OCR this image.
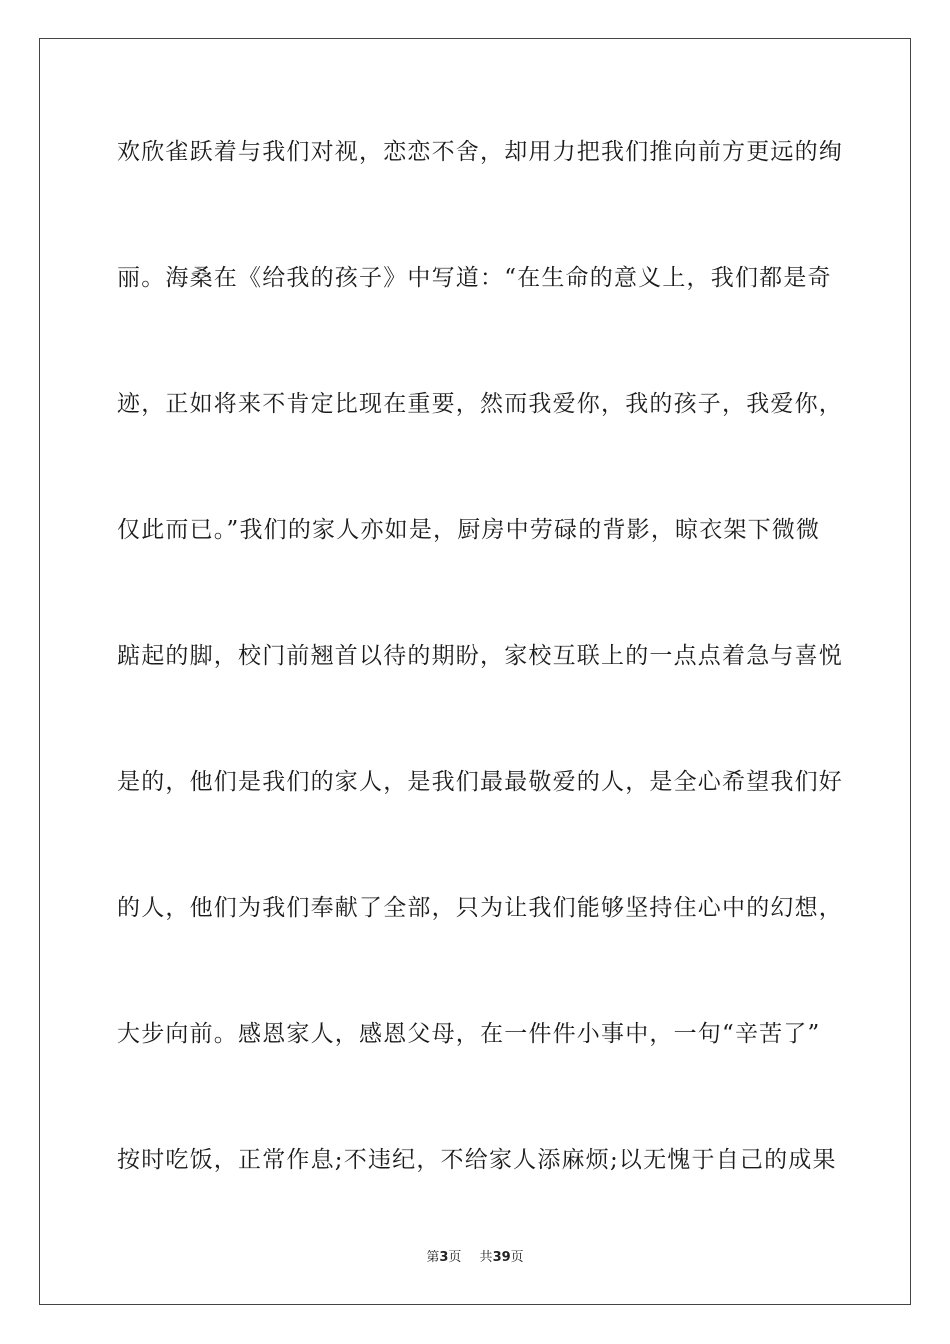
欢欣雀跃着与我们对视，恋恋不舍，却用力把我们推向前方更远的绚
丽。海桑在《给我的孩子》中写道：“在生命的意义上，我们都是奇
迹，正如将来不肯定比现在重要，然而我爱你，我的孩子，我爱你，
仅此而已。”我们的家人亦如是，厨房中劳碌的背影，晾衣架下微微
踮起的脚，校门前翘首以待的期盼，家校互联上的一点点着急与喜悦
是的，他们是我们的家人，是我们最最敬爱的人，是全心希望我们好
的人，他们为我们奉献了全部，只为让我们能够坚持住心中的幻想，
大步向前。感恩家人，感恩父母，在一件件小事中，一句“辛苦了”
按时吃饭，正常作息;不违纪，不给家人添麻烦;以无愧于自己的成果
第3页 共39页
